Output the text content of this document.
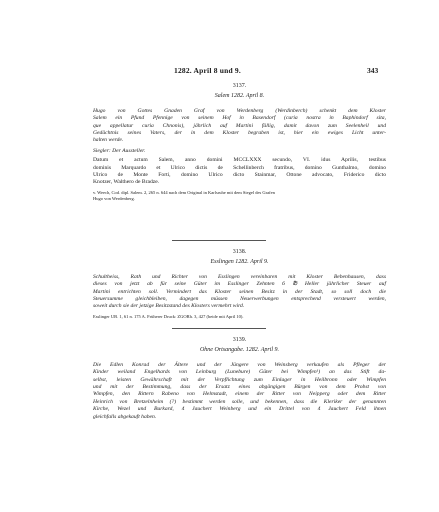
1282. April 8 und 9.	343
3137.
Salem 1282. April 8.
Hugo von Gottes Gnaden Graf von Werdenberg (Werdinberch) schenkt dem Kloster
Salem ein Pfund Pfennige von seinem Hof in Basendorf (curia nostra in Baphindorf sita,
que appellatur curia Chnonis), jährlich auf Martini fällig, damit davon zum Seelenheil und
Gedächtnis seines Vaters, der in dem Kloster begraben ist, hier ein ewiges Licht unter-
halten werde.
Siegler: Der Aussteller.
Datum et actum Salem, anno domini MCCLXXX secundo, VI. idus Aprilis, testibus
dominis Marquardo et Ulrico dictis de Schellinberch fratribus, domino Gunthalmo, domino
Ulrico de Monte Forti, domino Ulrico dicto Stainmar, Ottone advocato, Friderico dicto
Knotzer, Walthero de Bradze.
v. Weech, Cod. dipl. Salem. 2, 265 n. 644 nach dem Original in Karlsruhe mit dem Siegel des Grafen
Hugo von Werdenberg.
3138.
Esslingen 1282. April 9.
Schultheiss, Rath und Richter von Esslingen vereinbaren mit Kloster Bebenhausen, dass
dieses von jetzt ab für seine Güter im Esslinger Zehnten 6 ℔ Heller jährlicher Steuer auf
Martini entrichten soll. Vermindert das Kloster seinen Besitz in der Stadt, so soll doch die
Steuersumme gleichbleiben, dagegen müssen Neuerwerbungen entsprechend versteuert werden,
soweit durch sie der jetzige Besitzstand des Klosters vermehrt wird.
Esslinger UB. 1, 61 n. 175 A. Früherer Druck: ZGORh. 3, 427 (beide mit April 10).
3139.
Ohne Ortsangabe. 1282. April 9.
Die Edlen Konrad der Ältere und der Jüngere von Weinsberg verkaufen als Pfleger der
Kinder weiland Engelhards von Leinburg (Lunebure) Güter bei Wimpfen¹) an das Stift da-
selbst, leisten Gewährschaft mit der Verpflichtung zum Einlager in Heilbronn oder Wimpfen
und mit der Bestimmung, dass der Ersatz eines abgängigen Bürgen von dem Probst von
Wimpfen, den Rittern Rabeno von Helmstadt, einem der Ritter von Neipperg oder dem Ritter
Heinrich von Bretzelnheim (?) bestimmt werden solle, und bekennen, dass die Kleriker der genannten
Kirche, Wezel und Burkard, 4 Jauchert Weinberg und ein Drittel von 4 Jauchert Feld ihnen
gleichfalls abgekauft haben.
